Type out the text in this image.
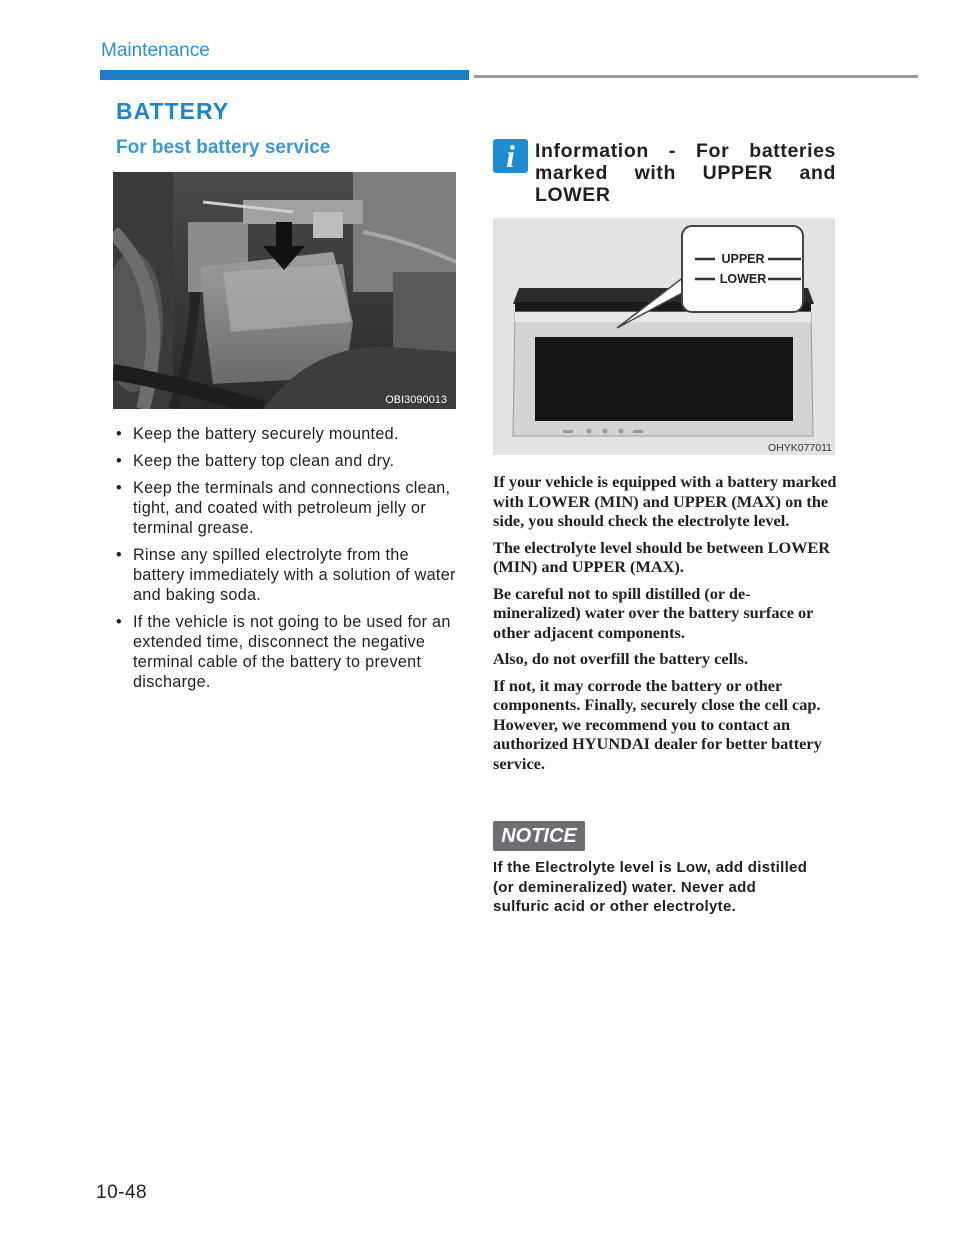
Maintenance
BATTERY
For best battery service
OBI3090013
• Keep the battery securely mounted.
• Keep the battery top clean and dry.
• Keep the terminals and connections clean, tight, and coated with petroleum jelly or terminal grease.
• Rinse any spilled electrolyte from the battery immediately with a solution of water and baking soda.
• If the vehicle is not going to be used for an extended time, disconnect the negative terminal cable of the battery to prevent discharge.
i	Information - For batteries marked with UPPER and LOWER
UPPER
LOWER
OHYK077011

If your vehicle is equipped with a battery marked with LOWER (MIN) and UPPER (MAX) on the side, you should check the electrolyte level.

The electrolyte level should be between LOWER (MIN) and UPPER (MAX).

Be careful not to spill distilled (or de-mineralized) water over the battery surface or other adjacent components.

Also, do not overfill the battery cells.

If not, it may corrode the battery or other components. Finally, securely close the cell cap. However, we recommend you to contact an authorized HYUNDAI dealer for better battery service.

NOTICE
If the Electrolyte level is Low, add distilled (or demineralized) water. Never add sulfuric acid or other electrolyte.
10-48
